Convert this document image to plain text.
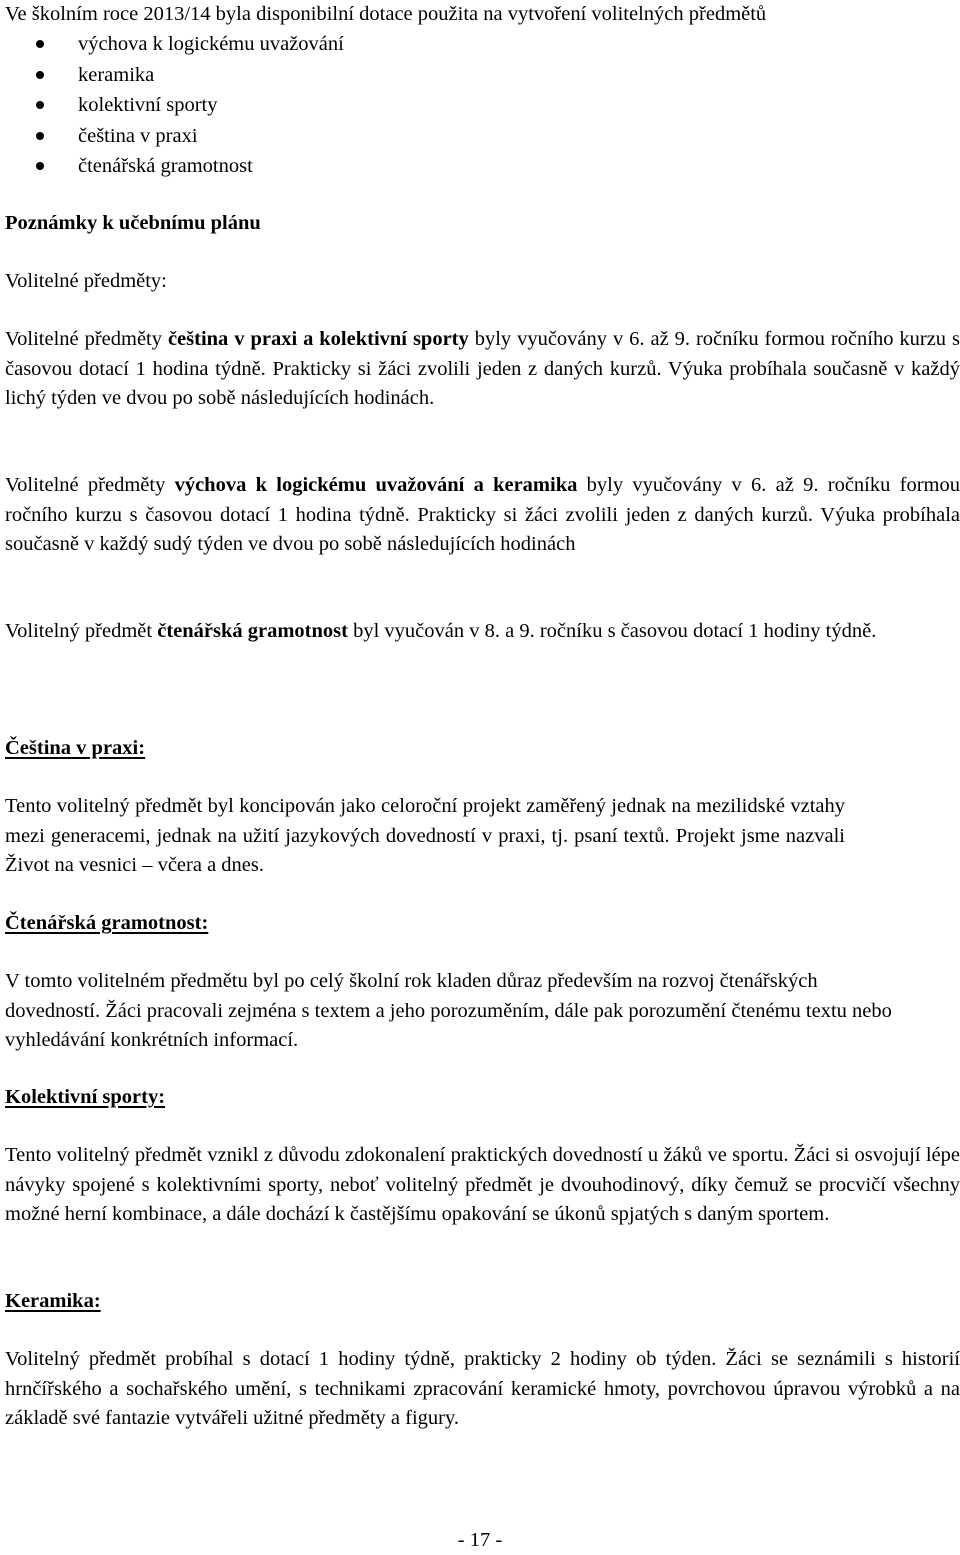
Ve školním roce 2013/14 byla disponibilní dotace použita na vytvoření volitelných předmětů

výchova k logickému uvažování
keramika
kolektivní sporty
čeština v praxi
čtenářská gramotnost

Poznámky k učebnímu plánu

Volitelné předměty:

Volitelné předměty čeština v praxi a kolektivní sporty byly vyučovány v 6. až 9. ročníku formou ročního kurzu s časovou dotací 1 hodina týdně. Prakticky si žáci zvolili jeden z daných kurzů. Výuka probíhala současně v každý lichý týden ve dvou po sobě následujících hodinách.

Volitelné předměty výchova k logickému uvažování a keramika byly vyučovány v 6. až 9. ročníku formou ročního kurzu s časovou dotací 1 hodina týdně. Prakticky si žáci zvolili jeden z daných kurzů. Výuka probíhala současně v každý sudý týden ve dvou po sobě následujících hodinách

Volitelný předmět čtenářská gramotnost byl vyučován v 8. a 9. ročníku s časovou dotací 1 hodiny týdně.

Čeština v praxi:

Tento volitelný předmět byl koncipován jako celoroční projekt zaměřený jednak na mezilidské vztahy mezi generacemi, jednak na užití jazykových dovedností v praxi, tj. psaní textů. Projekt jsme nazvali Život na vesnici – včera a dnes.

Čtenářská gramotnost:

V tomto volitelném předmětu byl po celý školní rok kladen důraz především na rozvoj čtenářských dovedností. Žáci pracovali zejména s textem a jeho porozuměním, dále pak porozumění čtenému textu nebo vyhledávání konkrétních informací.

Kolektivní sporty:

Tento volitelný předmět vznikl z důvodu zdokonalení praktických dovedností u žáků ve sportu. Žáci si osvojují lépe návyky spojené s kolektivními sporty, neboť volitelný předmět je dvouhodinový, díky čemuž se procvičí všechny možné herní kombinace, a dále dochází k častějšímu opakování se úkonů spjatých s daným sportem.

Keramika:

Volitelný předmět probíhal s dotací 1 hodiny týdně, prakticky 2 hodiny ob týden. Žáci se seznámili s historií hrnčířského a sochařského umění, s technikami zpracování keramické hmoty, povrchovou úpravou výrobků a na základě své fantazie vytvářeli užitné předměty a figury.

- 17 -
